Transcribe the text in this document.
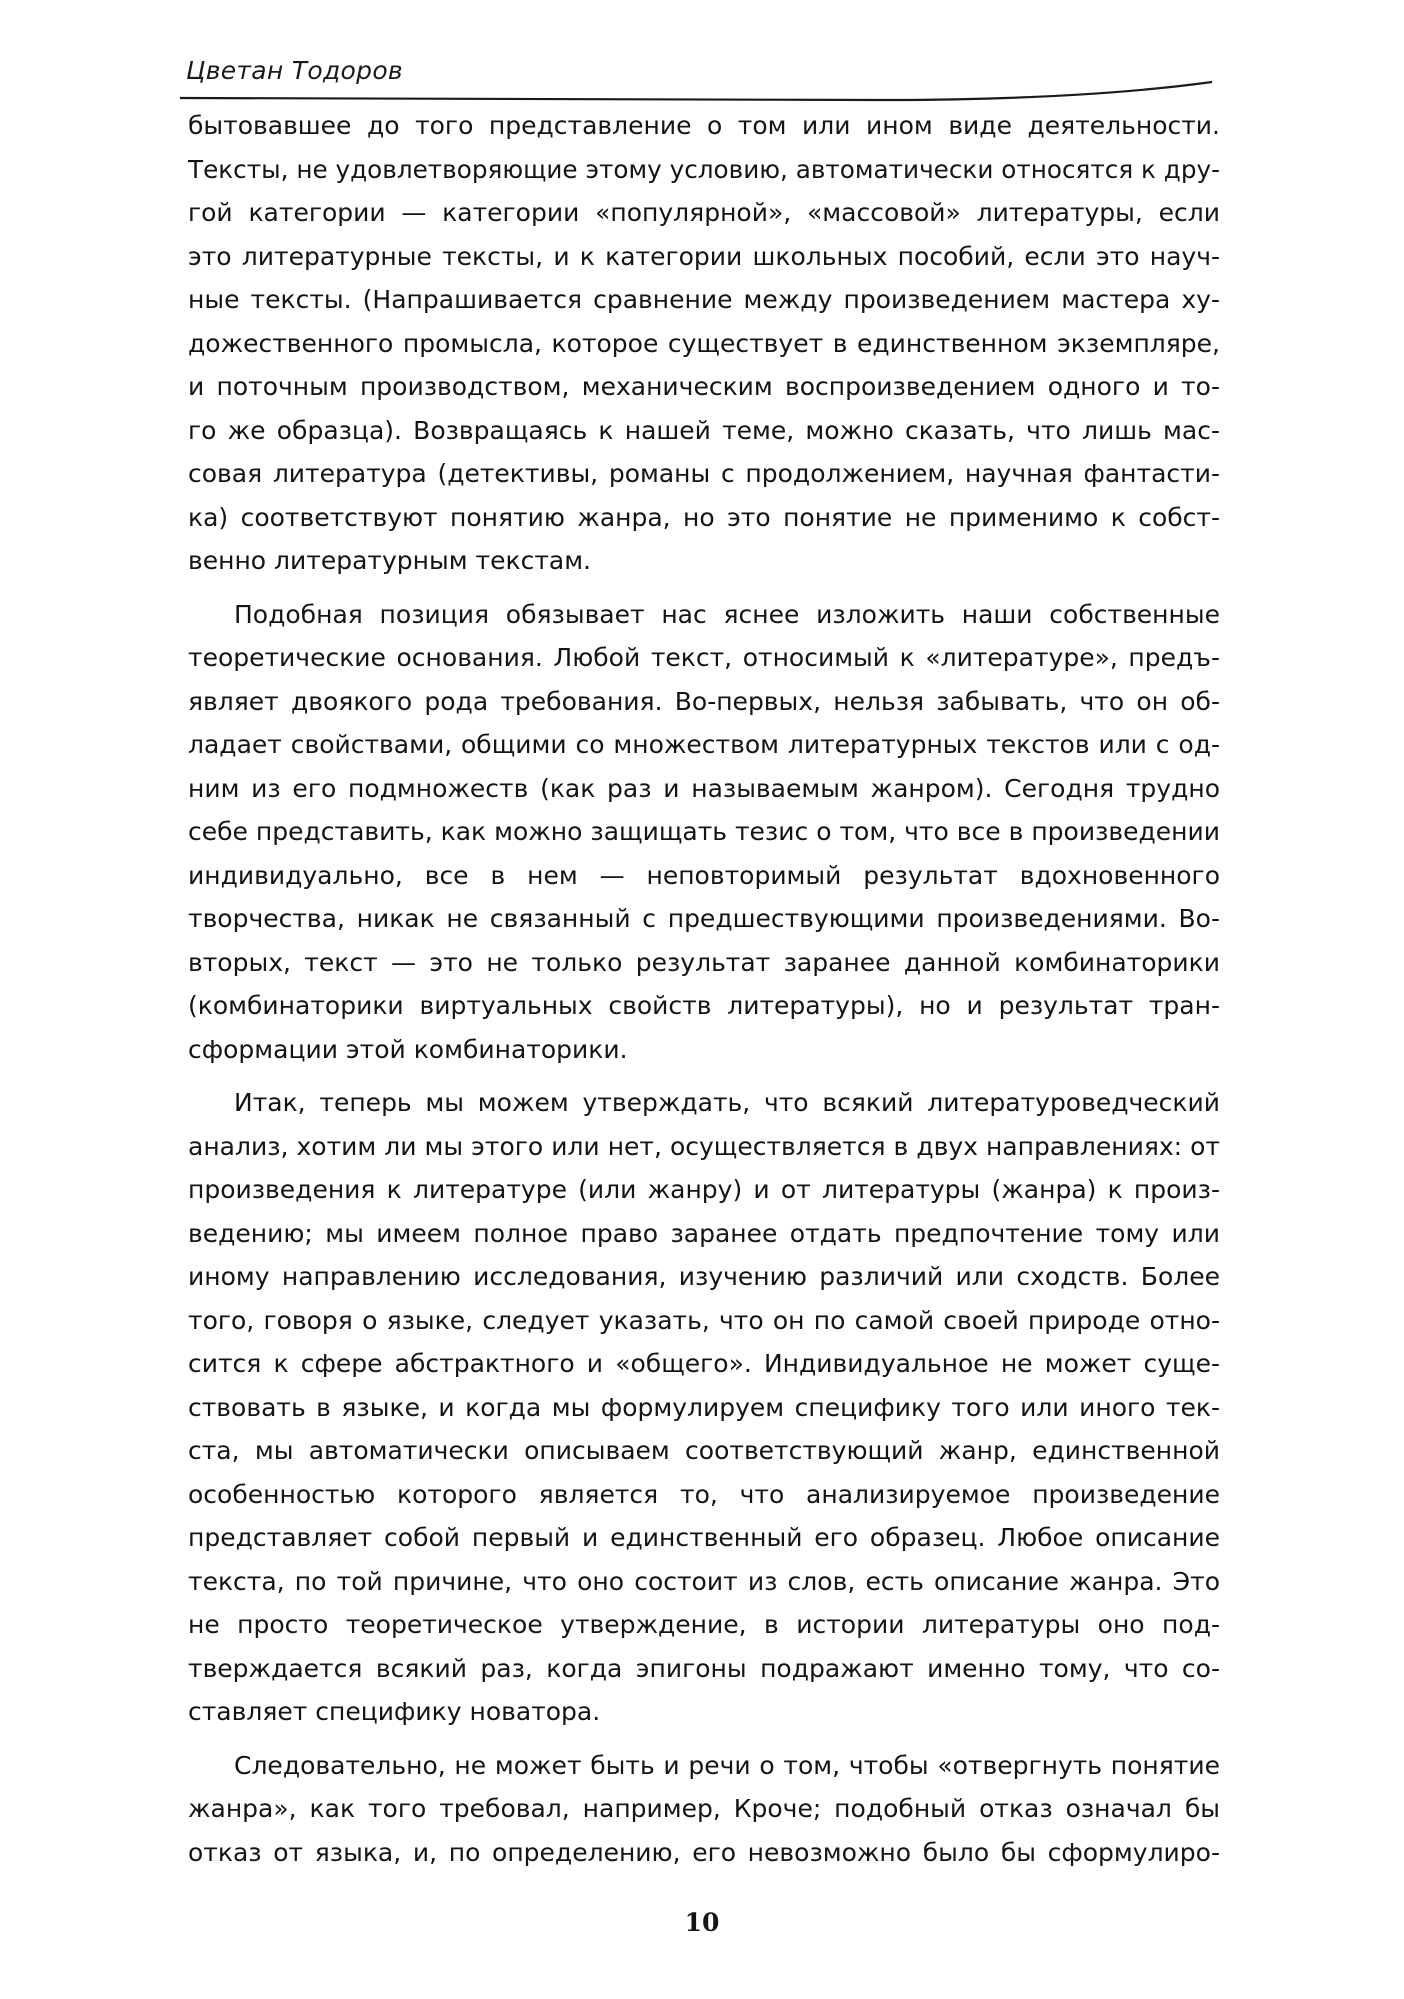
Цветан Тодоров
бытовавшее до того представление о том или ином виде деятельности.
Тексты, не удовлетворяющие этому условию, автоматически относятся к дру-
гой категории — категории «популярной», «массовой» литературы, если
это литературные тексты, и к категории школьных пособий, если это науч-
ные тексты. (Напрашивается сравнение между произведением мастера ху-
дожественного промысла, которое существует в единственном экземпляре,
и поточным производством, механическим воспроизведением одного и то-
го же образца). Возвращаясь к нашей теме, можно сказать, что лишь мас-
совая литература (детективы, романы с продолжением, научная фантасти-
ка) соответствуют понятию жанра, но это понятие не применимо к собст-
венно литературным текстам.
Подобная позиция обязывает нас яснее изложить наши собственные
теоретические основания. Любой текст, относимый к «литературе», предъ-
являет двоякого рода требования. Во-первых, нельзя забывать, что он об-
ладает свойствами, общими со множеством литературных текстов или с од-
ним из его подмножеств (как раз и называемым жанром). Сегодня трудно
себе представить, как можно защищать тезис о том, что все в произведении
индивидуально, все в нем — неповторимый результат вдохновенного
творчества, никак не связанный с предшествующими произведениями. Во-
вторых, текст — это не только результат заранее данной комбинаторики
(комбинаторики виртуальных свойств литературы), но и результат тран-
сформации этой комбинаторики.
Итак, теперь мы можем утверждать, что всякий литературоведческий
анализ, хотим ли мы этого или нет, осуществляется в двух направлениях: от
произведения к литературе (или жанру) и от литературы (жанра) к произ-
ведению; мы имеем полное право заранее отдать предпочтение тому или
иному направлению исследования, изучению различий или сходств. Более
того, говоря о языке, следует указать, что он по самой своей природе отно-
сится к сфере абстрактного и «общего». Индивидуальное не может суще-
ствовать в языке, и когда мы формулируем специфику того или иного тек-
ста, мы автоматически описываем соответствующий жанр, единственной
особенностью которого является то, что анализируемое произведение
представляет собой первый и единственный его образец. Любое описание
текста, по той причине, что оно состоит из слов, есть описание жанра. Это
не просто теоретическое утверждение, в истории литературы оно под-
тверждается всякий раз, когда эпигоны подражают именно тому, что со-
ставляет специфику новатора.
Следовательно, не может быть и речи о том, чтобы «отвергнуть понятие
жанра», как того требовал, например, Кроче; подобный отказ означал бы
отказ от языка, и, по определению, его невозможно было бы сформулиро-
10
